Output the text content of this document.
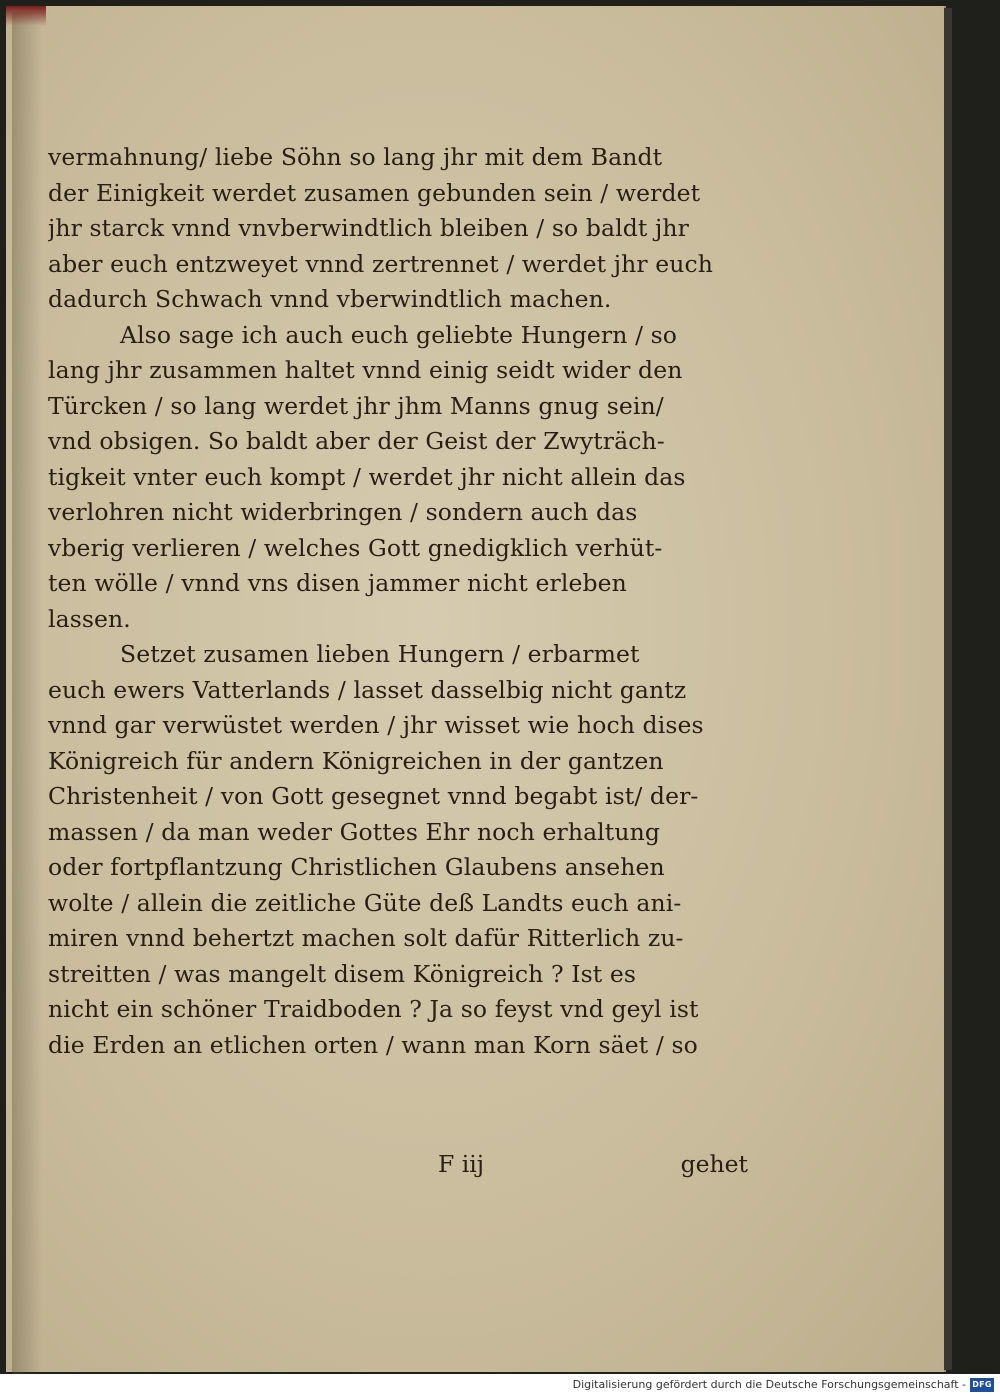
vermahnung/ liebe Söhn so lang jhr mit dem Bandt
der Einigkeit werdet zusamen gebunden sein / werdet
jhr starck vnnd vnvberwindtlich bleiben / so baldt jhr
aber euch entzweyet vnnd zertrennet / werdet jhr euch
dadurch Schwach vnnd vberwindtlich machen.
Also sage ich auch euch geliebte Hungern / so
lang jhr zusammen haltet vnnd einig seidt wider den
Türcken / so lang werdet jhr jhm Manns gnug sein/
vnd obsigen. So baldt aber der Geist der Zwyträch-
tigkeit vnter euch kompt / werdet jhr nicht allein das
verlohren nicht widerbringen / sondern auch das
vberig verlieren / welches Gott gnedigklich verhüt-
ten wölle / vnnd vns disen jammer nicht erleben
lassen.
Setzet zusamen lieben Hungern / erbarmet
euch ewers Vatterlands / lasset dasselbig nicht gantz
vnnd gar verwüstet werden / jhr wisset wie hoch dises
Königreich für andern Königreichen in der gantzen
Christenheit / von Gott gesegnet vnnd begabt ist/ der-
massen / da man weder Gottes Ehr noch erhaltung
oder fortpflantzung Christlichen Glaubens ansehen
wolte / allein die zeitliche Güte deß Landts euch ani-
miren vnnd behertzt machen solt dafür Ritterlich zu-
streitten / was mangelt disem Königreich ? Ist es
nicht ein schöner Traidboden ? Ja so feyst vnd geyl ist
die Erden an etlichen orten / wann man Korn säet / so
F iij	gehet
Digitalisierung gefördert durch die Deutsche Forschungsgemeinschaft - DFG
